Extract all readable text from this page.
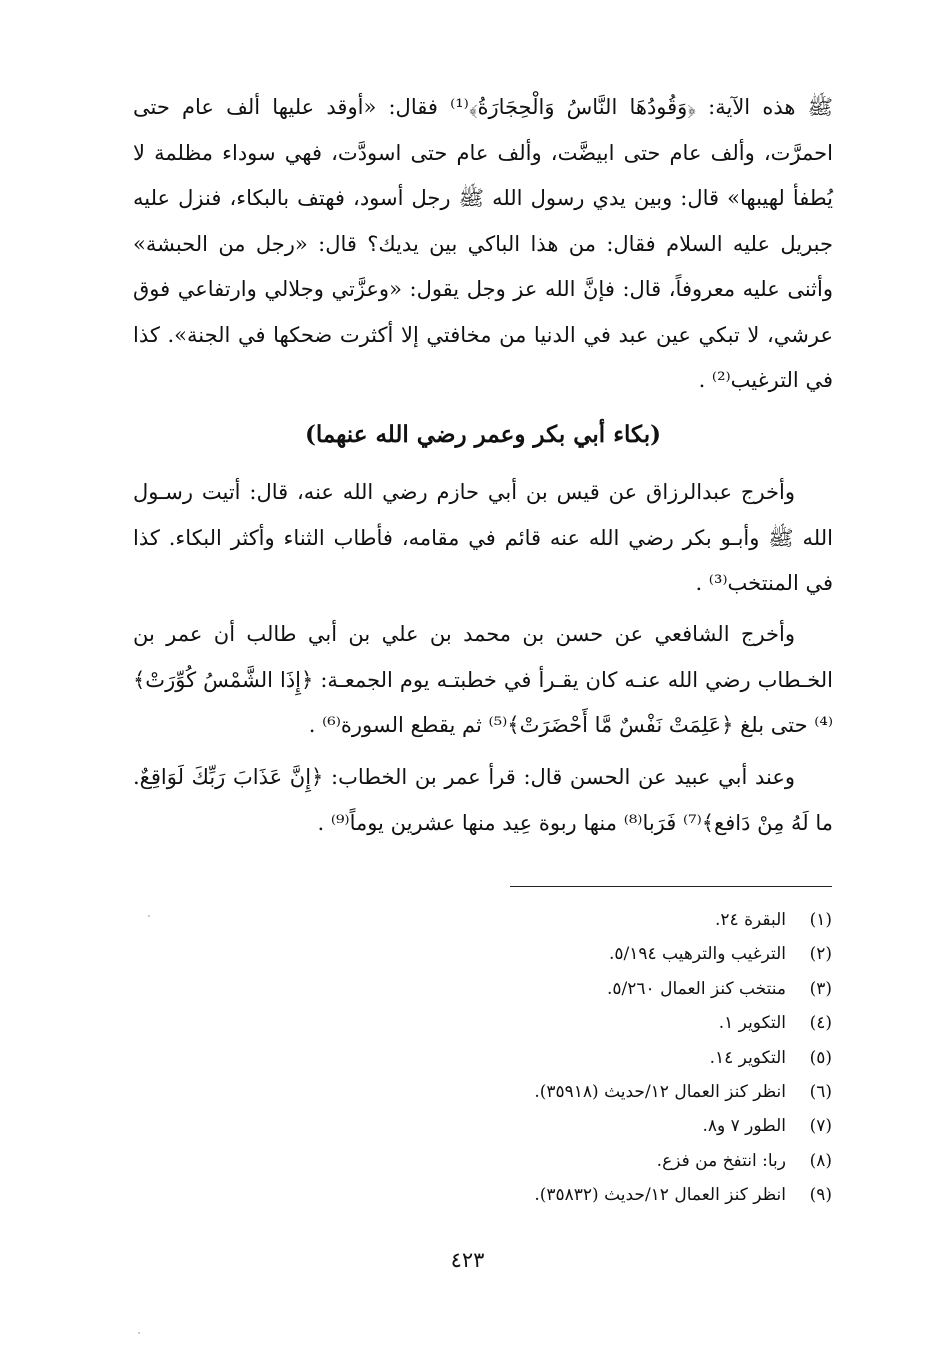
ﷺ هذه الآية: ﴿وَقُودُهَا النَّاسُ وَالْحِجَارَةُ﴾⁽¹⁾ فقال: «أوقد عليها ألف عام حتى احمرَّت، وألف عام حتى ابيضَّت، وألف عام حتى اسودَّت، فهي سوداء مظلمة لا يُطفأ لهيبها» قال: وبين يدي رسول الله ﷺ رجل أسود، فهتف بالبكاء، فنزل عليه جبريل عليه السلام فقال: من هذا الباكي بين يديك؟ قال: «رجل من الحبشة» وأثنى عليه معروفاً، قال: فإنَّ الله عز وجل يقول: «وعزَّتي وجلالي وارتفاعي فوق عرشي، لا تبكي عين عبد في الدنيا من مخافتي إلا أكثرت ضحكها في الجنة». كذا في الترغيب⁽²⁾ .

(بكاء أبي بكر وعمر رضي الله عنهما)

وأخرج عبدالرزاق عن قيس بن أبي حازم رضي الله عنه، قال: أتيت رسـول الله ﷺ وأبـو بكر رضي الله عنه قائم في مقامه، فأطاب الثناء وأكثر البكاء. كذا في المنتخب⁽³⁾ .

وأخرج الشافعي عن حسن بن محمد بن علي بن أبي طالب أن عمر بن الخـطاب رضي الله عنـه كان يقـرأ في خطبتـه يوم الجمعـة: ﴿إِذَا الشَّمْسُ كُوِّرَتْ﴾⁽⁴⁾ حتى بلغ ﴿عَلِمَتْ نَفْسٌ مَّا أَحْضَرَتْ﴾⁽⁵⁾ ثم يقطع السورة⁽⁶⁾ .

وعند أبي عبيد عن الحسن قال: قرأ عمر بن الخطاب: ﴿إِنَّ عَذَابَ رَبِّكَ لَوَاقِعٌ. ما لَهُ مِنْ دَافع﴾⁽⁷⁾ فَرَبا⁽⁸⁾ منها ربوة عِيد منها عشرين يوماً⁽⁹⁾ .

(١)
البقرة ٢٤.
(٢)
الترغيب والترهيب ٥/١٩٤.
(٣)
منتخب كنز العمال ٥/٢٦٠.
(٤)
التكوير ١.
(٥)
التكوير ١٤.
(٦)
انظر كنز العمال ١٢/حديث (٣٥٩١٨).
(٧)
الطور ٧ و٨.
(٨)
ربا: انتفخ من فزع.
(٩)
انظر كنز العمال ١٢/حديث (٣٥٨٣٢).
٤٢٣
